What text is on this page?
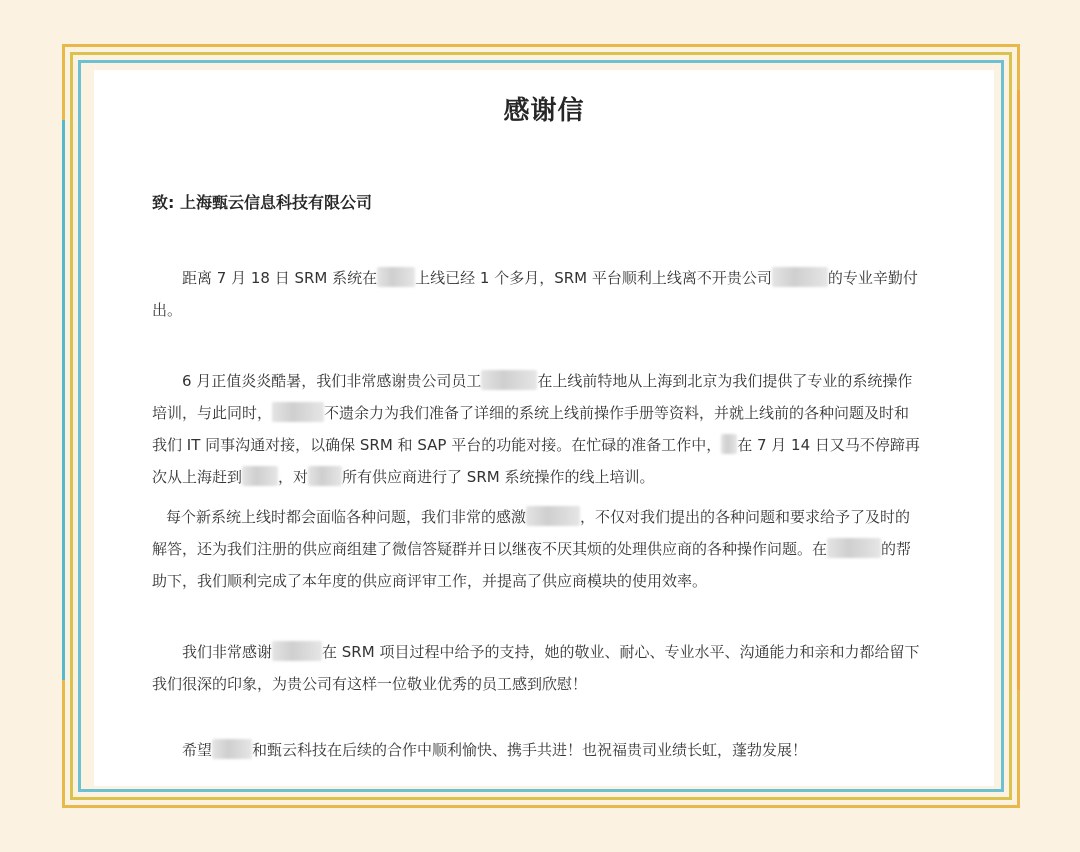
感谢信
致: 上海甄云信息科技有限公司
距离 7 月 18 日 SRM 系统在	上线已经 1 个多月，SRM 平台顺利上线离不开贵公司	的专业辛勤付出。
6 月正值炎炎酷暑，我们非常感谢贵公司员工	在上线前特地从上海到北京为我们提供了专业的系统操作培训，与此同时，	不遗余力为我们准备了详细的系统上线前操作手册等资料，并就上线前的各种问题及时和我们 IT 同事沟通对接，以确保 SRM 和 SAP 平台的功能对接。在忙碌的准备工作中， 在 7 月 14 日又马不停蹄再次从上海赶到 ，对 所有供应商进行了 SRM 系统操作的线上培训。
每个新系统上线时都会面临各种问题，我们非常的感激	，不仅对我们提出的各种问题和要求给予了及时的解答，还为我们注册的供应商组建了微信答疑群并日以继夜不厌其烦的处理供应商的各种操作问题。在	的帮助下，我们顺利完成了本年度的供应商评审工作，并提高了供应商模块的使用效率。
我们非常感谢	在 SRM 项目过程中给予的支持，她的敬业、耐心、专业水平、沟通能力和亲和力都给留下我们很深的印象，为贵公司有这样一位敬业优秀的员工感到欣慰！
希望	和甄云科技在后续的合作中顺利愉快、携手共进！也祝福贵司业绩长虹，蓬勃发展！
